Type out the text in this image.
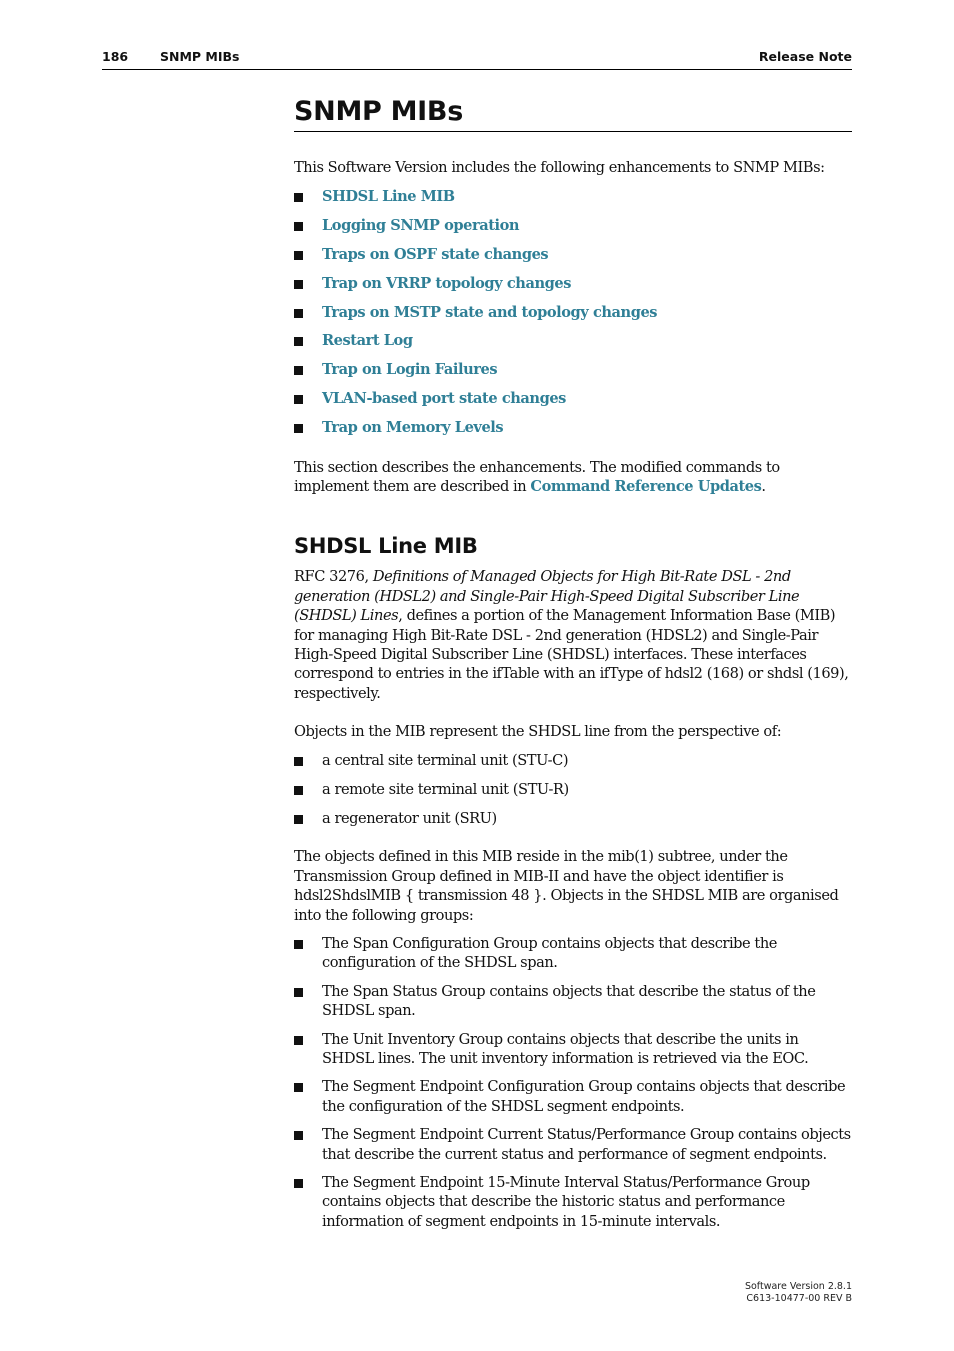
186	SNMP MIBs	Release Note
SNMP MIBs

This Software Version includes the following enhancements to SNMP MIBs:

SHDSL Line MIB
Logging SNMP operation
Traps on OSPF state changes
Trap on VRRP topology changes
Traps on MSTP state and topology changes
Restart Log
Trap on Login Failures
VLAN-based port state changes
Trap on Memory Levels

This section describes the enhancements. The modified commands to implement them are described in Command Reference Updates.

SHDSL Line MIB

RFC 3276, Definitions of Managed Objects for High Bit-Rate DSL - 2nd generation (HDSL2) and Single-Pair High-Speed Digital Subscriber Line (SHDSL) Lines, defines a portion of the Management Information Base (MIB) for managing High Bit-Rate DSL - 2nd generation (HDSL2) and Single-Pair High-Speed Digital Subscriber Line (SHDSL) interfaces. These interfaces correspond to entries in the ifTable with an ifType of hdsl2 (168) or shdsl (169), respectively.

Objects in the MIB represent the SHDSL line from the perspective of:

a central site terminal unit (STU-C)
a remote site terminal unit (STU-R)
a regenerator unit (SRU)

The objects defined in this MIB reside in the mib(1) subtree, under the Transmission Group defined in MIB-II and have the object identifier is hdsl2ShdslMIB { transmission 48 }. Objects in the SHDSL MIB are organised into the following groups:

The Span Configuration Group contains objects that describe the configuration of the SHDSL span.
The Span Status Group contains objects that describe the status of the SHDSL span.
The Unit Inventory Group contains objects that describe the units in SHDSL lines. The unit inventory information is retrieved via the EOC.
The Segment Endpoint Configuration Group contains objects that describe the configuration of the SHDSL segment endpoints.
The Segment Endpoint Current Status/Performance Group contains objects that describe the current status and performance of segment endpoints.
The Segment Endpoint 15-Minute Interval Status/Performance Group contains objects that describe the historic status and performance information of segment endpoints in 15-minute intervals.
Software Version 2.8.1
C613-10477-00 REV B
